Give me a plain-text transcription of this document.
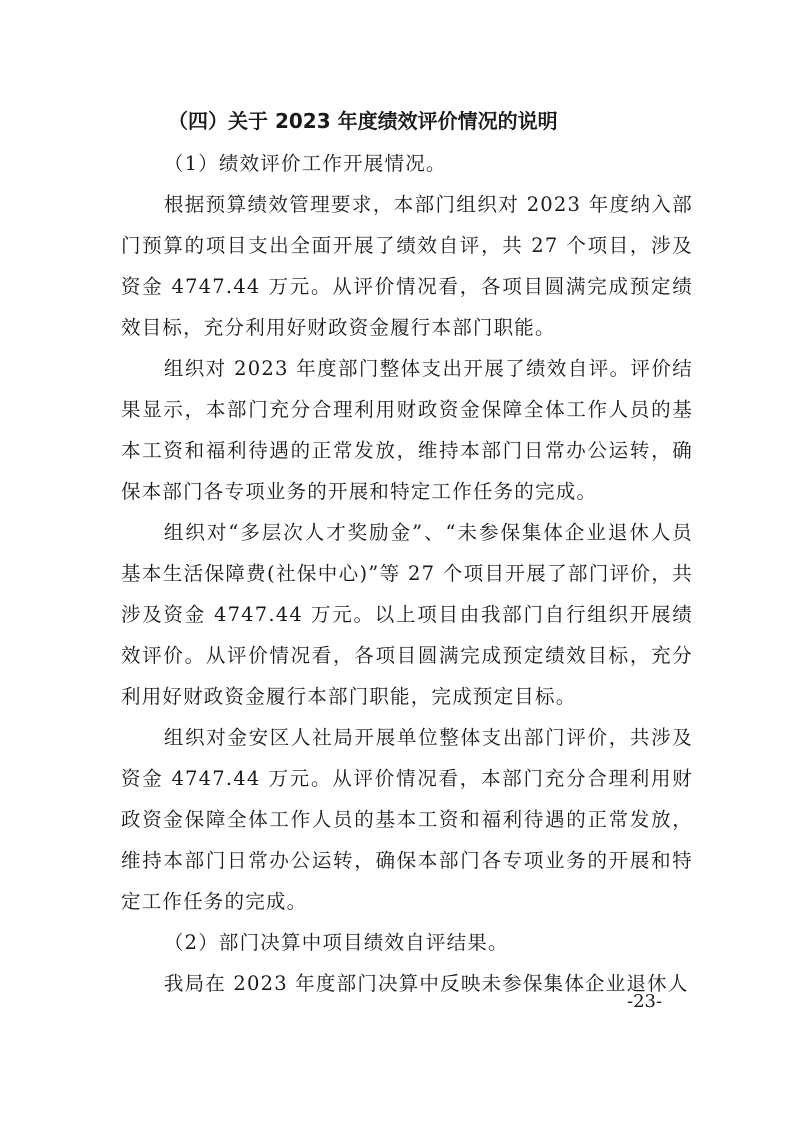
（四）关于 2023 年度绩效评价情况的说明

（1）绩效评价工作开展情况。

根据预算绩效管理要求，本部门组织对 2023 年度纳入部门预算的项目支出全面开展了绩效自评，共 27 个项目，涉及资金 4747.44 万元。从评价情况看，各项目圆满完成预定绩效目标，充分利用好财政资金履行本部门职能。

组织对 2023 年度部门整体支出开展了绩效自评。评价结果显示，本部门充分合理利用财政资金保障全体工作人员的基本工资和福利待遇的正常发放，维持本部门日常办公运转，确保本部门各专项业务的开展和特定工作任务的完成。

组织对“多层次人才奖励金”、“未参保集体企业退休人员基本生活保障费(社保中心)”等 27 个项目开展了部门评价，共涉及资金 4747.44 万元。以上项目由我部门自行组织开展绩效评价。从评价情况看，各项目圆满完成预定绩效目标，充分利用好财政资金履行本部门职能，完成预定目标。

组织对金安区人社局开展单位整体支出部门评价，共涉及资金 4747.44 万元。从评价情况看，本部门充分合理利用财政资金保障全体工作人员的基本工资和福利待遇的正常发放，维持本部门日常办公运转，确保本部门各专项业务的开展和特定工作任务的完成。

（2）部门决算中项目绩效自评结果。

我局在 2023 年度部门决算中反映未参保集体企业退休人

-23-
